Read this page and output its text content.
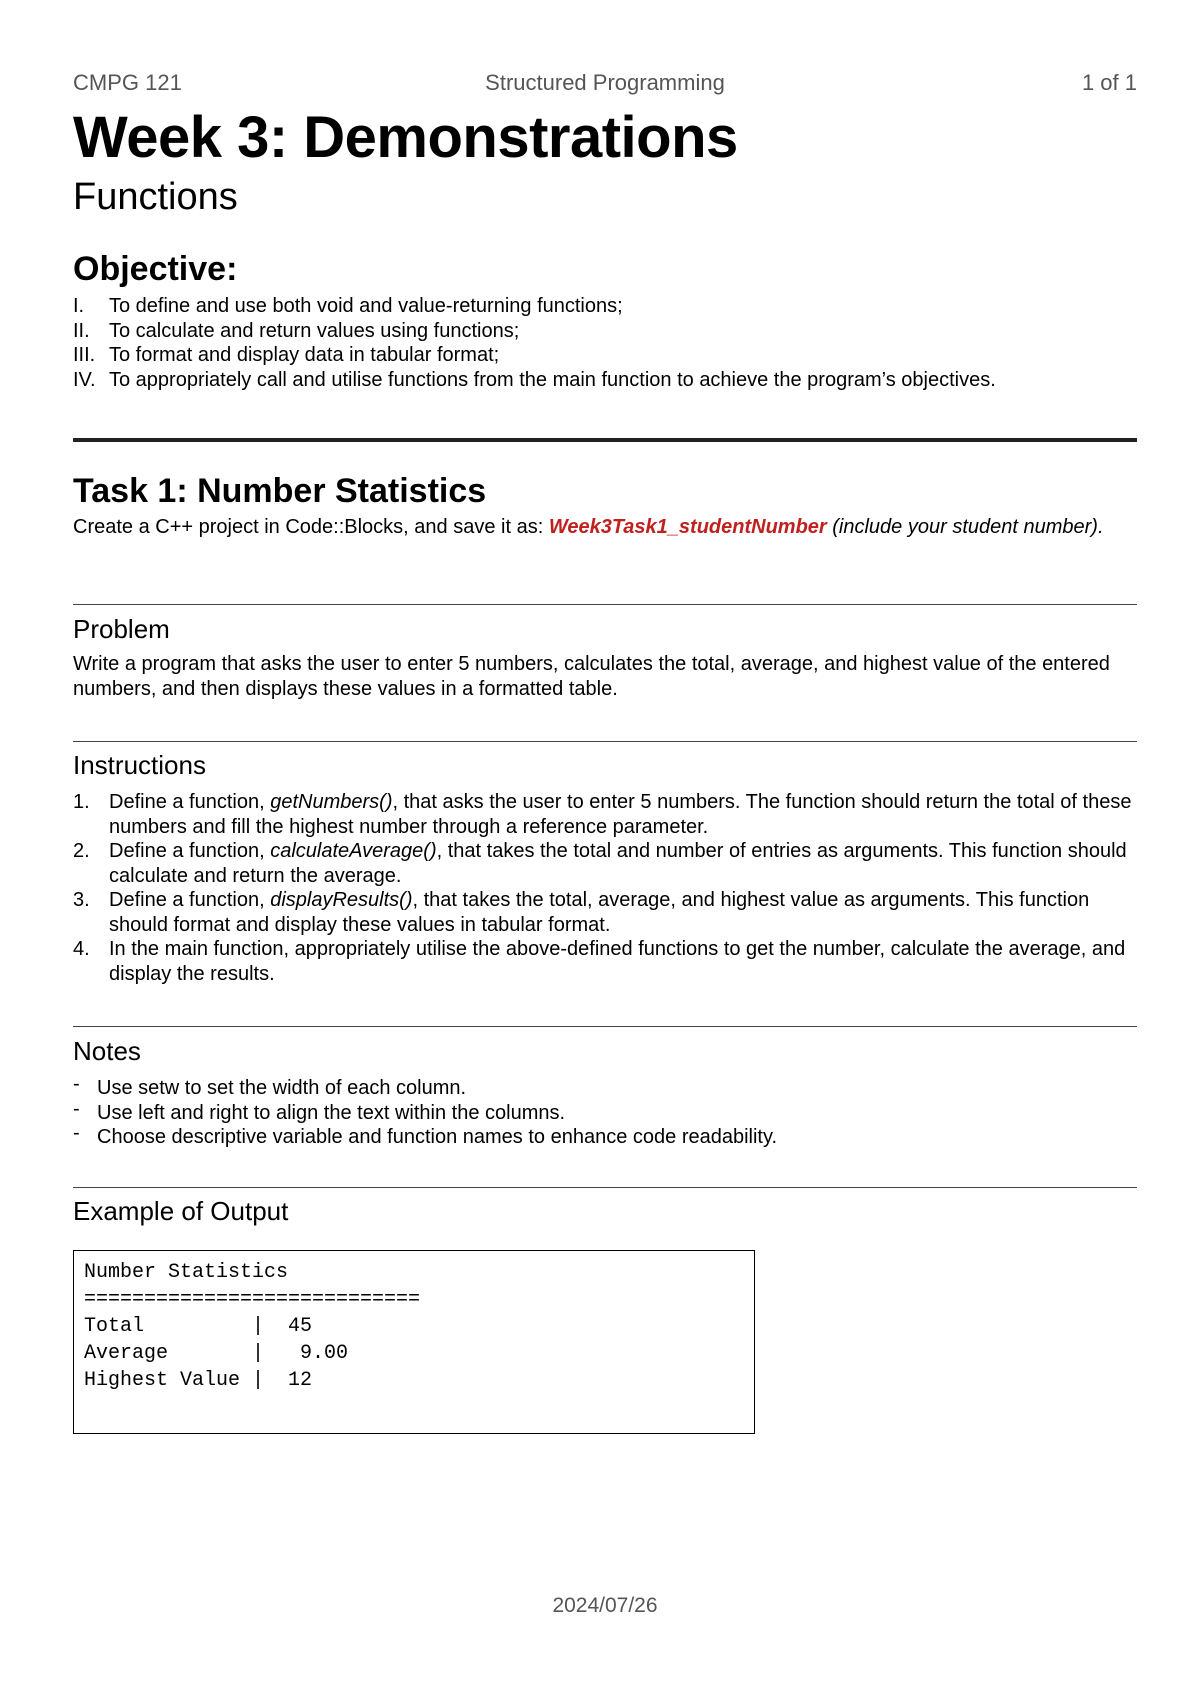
CMPG 121	Structured Programming	1 of 1
Week 3: Demonstrations
Functions
Objective:
I. To define and use both void and value-returning functions;
II. To calculate and return values using functions;
III. To format and display data in tabular format;
IV. To appropriately call and utilise functions from the main function to achieve the program’s objectives.
Task 1: Number Statistics

Create a C++ project in Code::Blocks, and save it as: Week3Task1_studentNumber (include your student number).

Problem

Write a program that asks the user to enter 5 numbers, calculates the total, average, and highest value of the entered numbers, and then displays these values in a formatted table.

Instructions
1. Define a function, getNumbers(), that asks the user to enter 5 numbers. The function should return the total of these numbers and fill the highest number through a reference parameter.
2. Define a function, calculateAverage(), that takes the total and number of entries as arguments. This function should calculate and return the average.
3. Define a function, displayResults(), that takes the total, average, and highest value as arguments. This function should format and display these values in tabular format.
4. In the main function, appropriately utilise the above-defined functions to get the number, calculate the average, and display the results.
Notes
- Use setw to set the width of each column.
- Use left and right to align the text within the columns.
- Choose descriptive variable and function names to enhance code readability.
Example of Output
Number Statistics
============================
Total         |  45
Average       |   9.00
Highest Value |  12
2024/07/26
